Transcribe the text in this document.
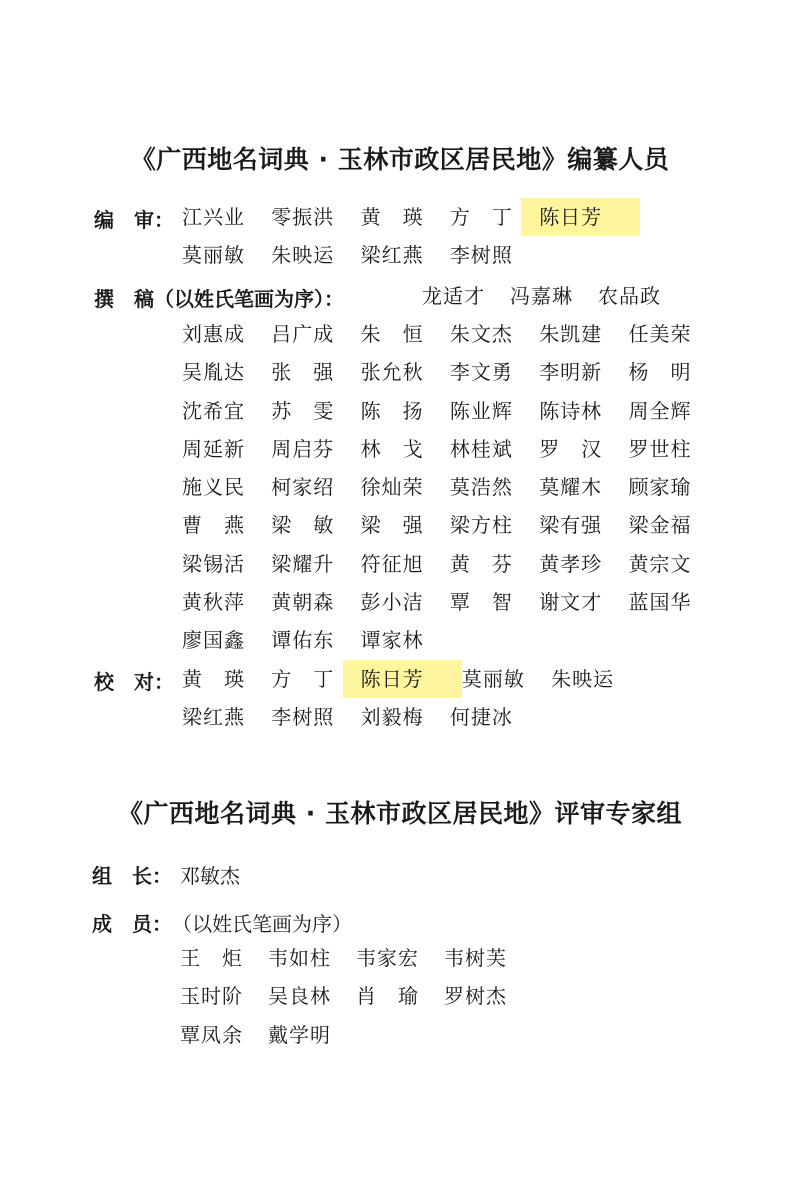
《广西地名词典 · 玉林市政区居民地》编纂人员
编　审： 江兴业	零振洪	黄　瑛	方　丁	陈日芳
莫丽敏	朱映运	梁红燕	李树照
撰　稿（以姓氏笔画为序）：	龙适才	冯嘉琳	农品政
刘惠成	吕广成	朱　恒	朱文杰	朱凯建	任美荣
吴胤达	张　强	张允秋	李文勇	李明新	杨　明
沈希宜	苏　雯	陈　扬	陈业辉	陈诗林	周全辉
周延新	周启芬	林　戈	林桂斌	罗　汉	罗世柱
施义民	柯家绍	徐灿荣	莫浩然	莫耀木	顾家瑜
曹　燕	梁　敏	梁　强	梁方柱	梁有强	梁金福
梁锡活	梁耀升	符征旭	黄　芬	黄孝珍	黄宗文
黄秋萍	黄朝森	彭小洁	覃　智	谢文才	蓝国华
廖国鑫	谭佑东	谭家林
校　对： 黄　瑛	方　丁	陈日芳	莫丽敏	朱映运
梁红燕	李树照	刘毅梅	何捷冰
《广西地名词典 · 玉林市政区居民地》评审专家组
组　长： 邓敏杰
成　员： （以姓氏笔画为序）
王　炬	韦如柱	韦家宏	韦树芙
玉时阶	吴良林	肖　瑜	罗树杰
覃凤余	戴学明
